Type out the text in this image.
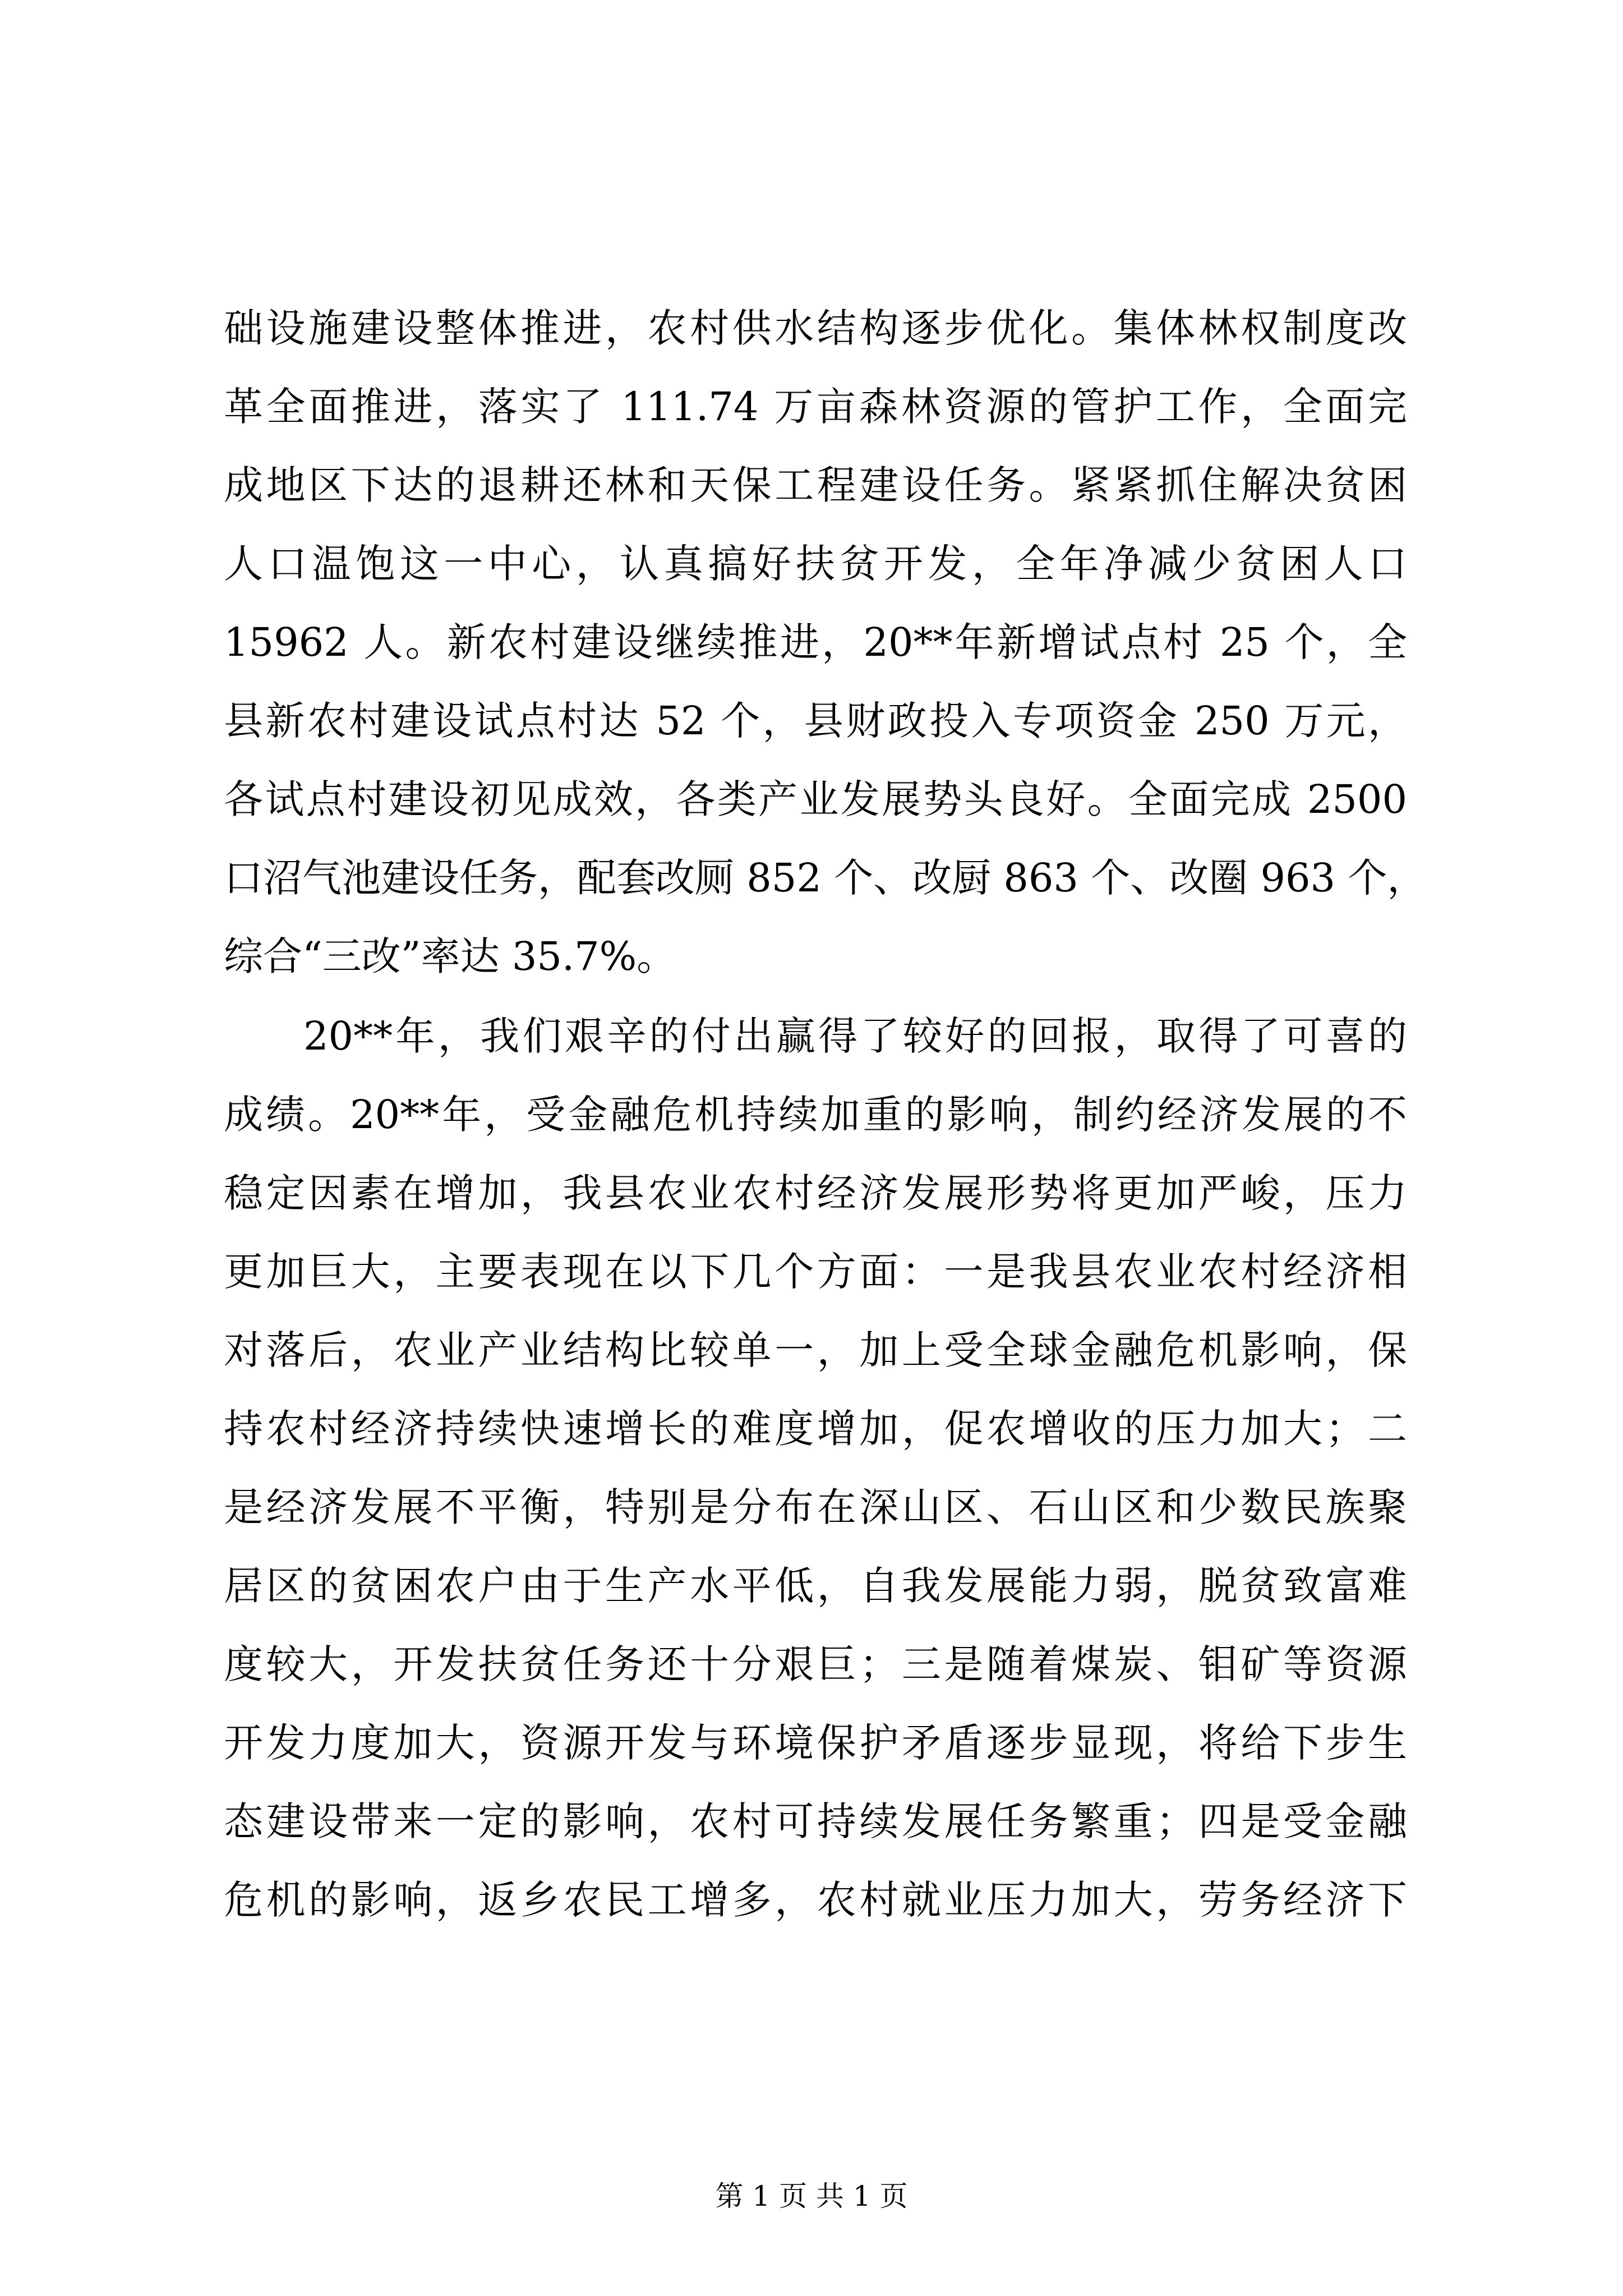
础设施建设整体推进，农村供水结构逐步优化。集体林权制度改
革全面推进，落实了 111.74 万亩森林资源的管护工作，全面完
成地区下达的退耕还林和天保工程建设任务。紧紧抓住解决贫困
人口温饱这一中心，认真搞好扶贫开发，全年净减少贫困人口
15962 人。新农村建设继续推进，20**年新增试点村 25 个，全
县新农村建设试点村达 52 个，县财政投入专项资金 250 万元，
各试点村建设初见成效，各类产业发展势头良好。全面完成 2500
口沼气池建设任务，配套改厕 852 个、改厨 863 个、改圈 963 个，
综合“三改”率达 35.7%。
20**年，我们艰辛的付出赢得了较好的回报，取得了可喜的
成绩。20**年，受金融危机持续加重的影响，制约经济发展的不
稳定因素在增加，我县农业农村经济发展形势将更加严峻，压力
更加巨大，主要表现在以下几个方面：一是我县农业农村经济相
对落后，农业产业结构比较单一，加上受全球金融危机影响，保
持农村经济持续快速增长的难度增加，促农增收的压力加大；二
是经济发展不平衡，特别是分布在深山区、石山区和少数民族聚
居区的贫困农户由于生产水平低，自我发展能力弱，脱贫致富难
度较大，开发扶贫任务还十分艰巨；三是随着煤炭、钼矿等资源
开发力度加大，资源开发与环境保护矛盾逐步显现，将给下步生
态建设带来一定的影响，农村可持续发展任务繁重；四是受金融
危机的影响，返乡农民工增多，农村就业压力加大，劳务经济下
第 1 页 共 1 页
